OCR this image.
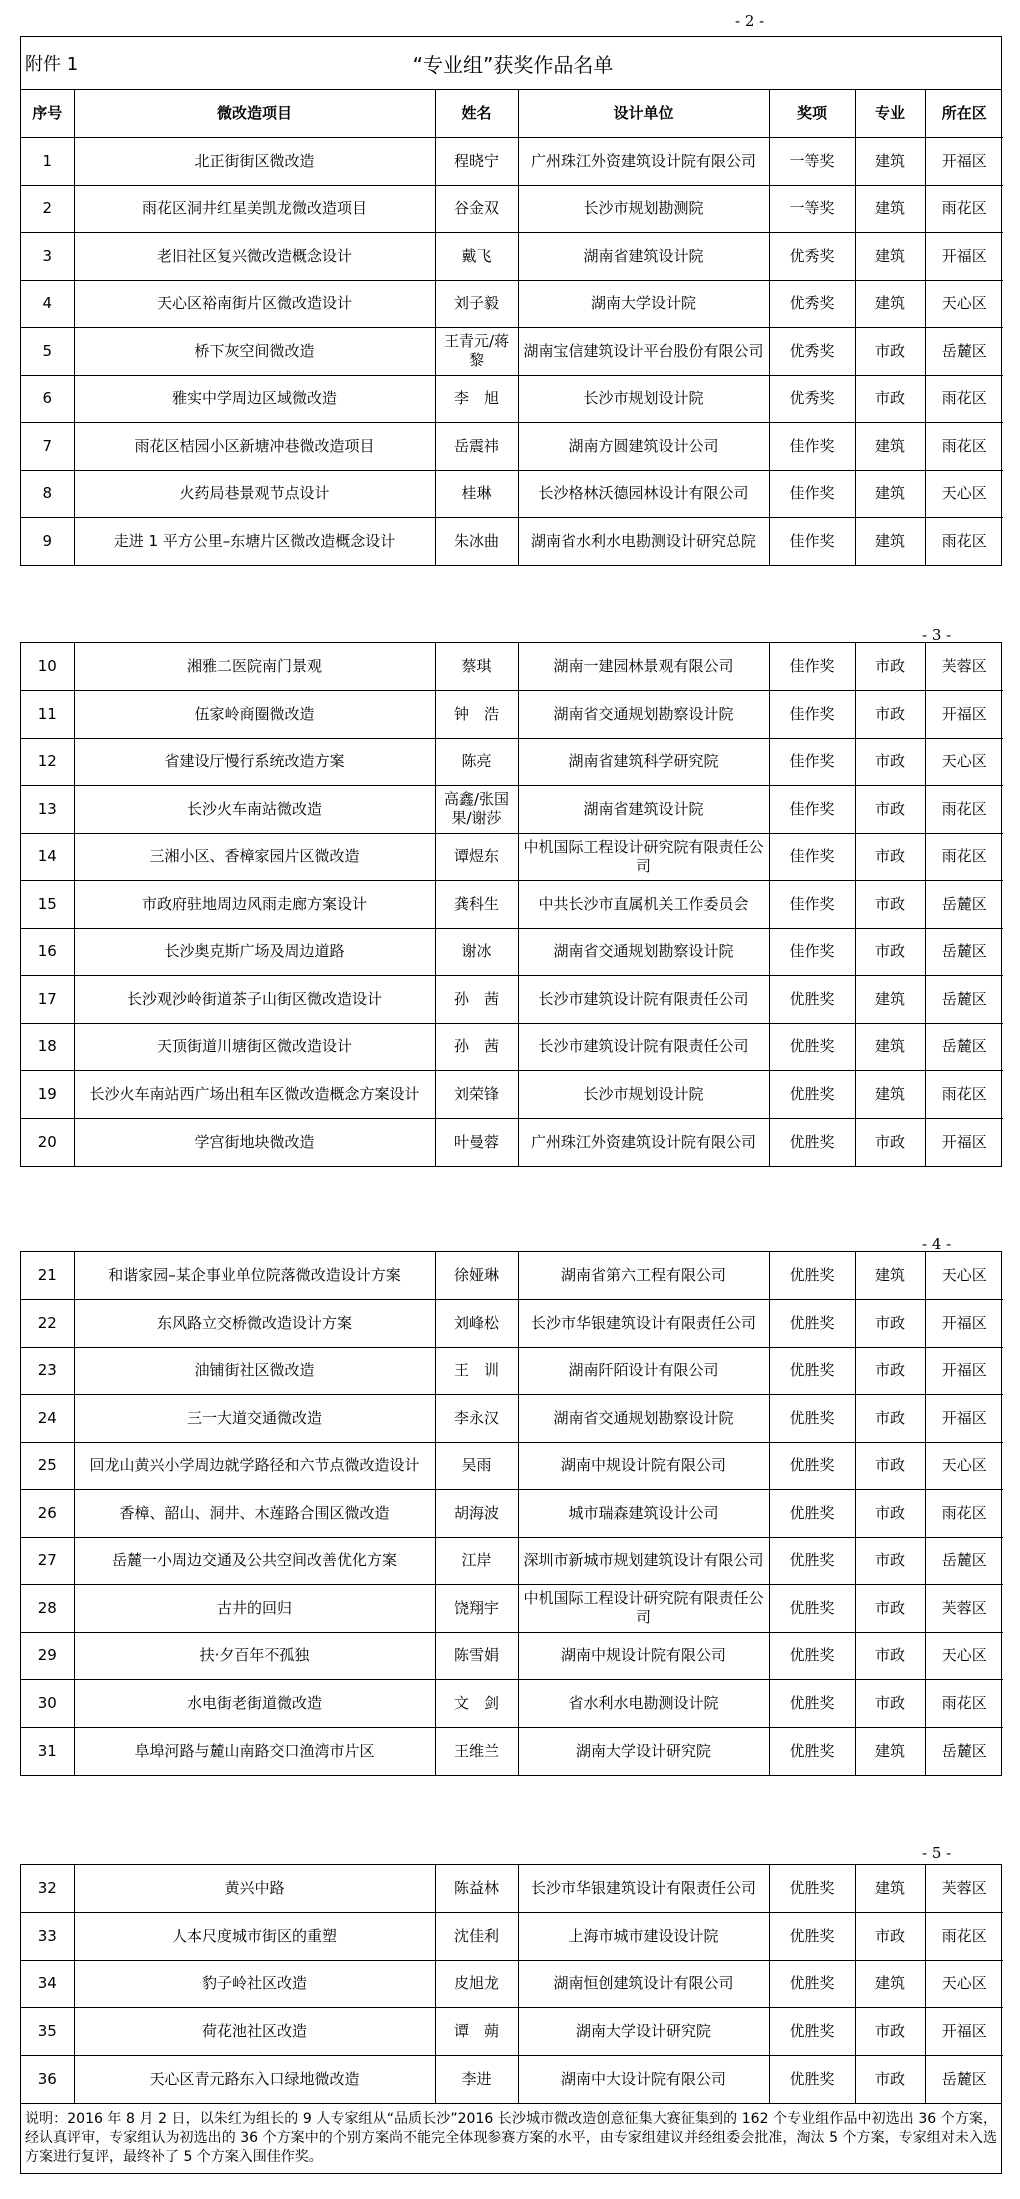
- 2 -
附件 1	“专业组”获奖作品名单
序号	微改造项目	姓名	设计单位	奖项	专业	所在区
1	北正街街区微改造	程晓宁	广州珠江外资建筑设计院有限公司	一等奖	建筑	开福区
2	雨花区洞井红星美凯龙微改造项目	谷金双	长沙市规划勘测院	一等奖	建筑	雨花区
3	老旧社区复兴微改造概念设计	戴飞	湖南省建筑设计院	优秀奖	建筑	开福区
4	天心区裕南街片区微改造设计	刘子毅	湖南大学设计院	优秀奖	建筑	天心区
5	桥下灰空间微改造	王青元/蒋　黎	湖南宝信建筑设计平台股份有限公司	优秀奖	市政	岳麓区
6	雅实中学周边区域微改造	李　旭	长沙市规划设计院	优秀奖	市政	雨花区
7	雨花区桔园小区新塘冲巷微改造项目	岳震祎	湖南方圆建筑设计公司	佳作奖	建筑	雨花区
8	火药局巷景观节点设计	桂琳	长沙格林沃德园林设计有限公司	佳作奖	建筑	天心区
9	走进 1 平方公里–东塘片区微改造概念设计	朱冰曲	湖南省水利水电勘测设计研究总院	佳作奖	建筑	雨花区
- 3 -
10	湘雅二医院南门景观	蔡琪	湖南一建园林景观有限公司	佳作奖	市政	芙蓉区
11	伍家岭商圈微改造	钟　浩	湖南省交通规划勘察设计院	佳作奖	市政	开福区
12	省建设厅慢行系统改造方案	陈亮	湖南省建筑科学研究院	佳作奖	市政	天心区
13	长沙火车南站微改造	高鑫/张国果/谢莎	湖南省建筑设计院	佳作奖	市政	雨花区
14	三湘小区、香樟家园片区微改造	谭煜东	中机国际工程设计研究院有限责任公司	佳作奖	市政	雨花区
15	市政府驻地周边风雨走廊方案设计	龚科生	中共长沙市直属机关工作委员会	佳作奖	市政	岳麓区
16	长沙奥克斯广场及周边道路	谢冰	湖南省交通规划勘察设计院	佳作奖	市政	岳麓区
17	长沙观沙岭街道茶子山街区微改造设计	孙　茜	长沙市建筑设计院有限责任公司	优胜奖	建筑	岳麓区
18	天顶街道川塘街区微改造设计	孙　茜	长沙市建筑设计院有限责任公司	优胜奖	建筑	岳麓区
19	长沙火车南站西广场出租车区微改造概念方案设计	刘荣锋	长沙市规划设计院	优胜奖	建筑	雨花区
20	学宫街地块微改造	叶曼蓉	广州珠江外资建筑设计院有限公司	优胜奖	市政	开福区
- 4 -
21	和谐家园–某企事业单位院落微改造设计方案	徐娅琳	湖南省第六工程有限公司	优胜奖	建筑	天心区
22	东风路立交桥微改造设计方案	刘峰松	长沙市华银建筑设计有限责任公司	优胜奖	市政	开福区
23	油铺街社区微改造	王　训	湖南阡陌设计有限公司	优胜奖	市政	开福区
24	三一大道交通微改造	李永汉	湖南省交通规划勘察设计院	优胜奖	市政	开福区
25	回龙山黄兴小学周边就学路径和六节点微改造设计	吴雨	湖南中规设计院有限公司	优胜奖	市政	天心区
26	香樟、韶山、洞井、木莲路合围区微改造	胡海波	城市瑞森建筑设计公司	优胜奖	市政	雨花区
27	岳麓一小周边交通及公共空间改善优化方案	江岸	深圳市新城市规划建筑设计有限公司	优胜奖	市政	岳麓区
28	古井的回归	饶翔宇	中机国际工程设计研究院有限责任公司	优胜奖	市政	芙蓉区
29	扶·夕百年不孤独	陈雪娟	湖南中规设计院有限公司	优胜奖	市政	天心区
30	水电街老街道微改造	文　剑	省水利水电勘测设计院	优胜奖	市政	雨花区
31	阜埠河路与麓山南路交口渔湾市片区	王维兰	湖南大学设计研究院	优胜奖	建筑	岳麓区
- 5 -
32	黄兴中路	陈益林	长沙市华银建筑设计有限责任公司	优胜奖	建筑	芙蓉区
33	人本尺度城市街区的重塑	沈佳利	上海市城市建设设计院	优胜奖	市政	雨花区
34	豹子岭社区改造	皮旭龙	湖南恒创建筑设计有限公司	优胜奖	建筑	天心区
35	荷花池社区改造	谭　蒴	湖南大学设计研究院	优胜奖	市政	开福区
36	天心区青元路东入口绿地微改造	李进	湖南中大设计院有限公司	优胜奖	市政	岳麓区
说明：2016 年 8 月 2 日，以朱红为组长的 9 人专家组从“品质长沙”2016 长沙城市微改造创意征集大赛征集到的 162 个专业组作品中初选出 36 个方案，经认真评审，专家组认为初选出的 36 个方案中的个别方案尚不能完全体现参赛方案的水平，由专家组建议并经组委会批准，淘汰 5 个方案，专家组对未入选方案进行复评，最终补了 5 个方案入围佳作奖。
